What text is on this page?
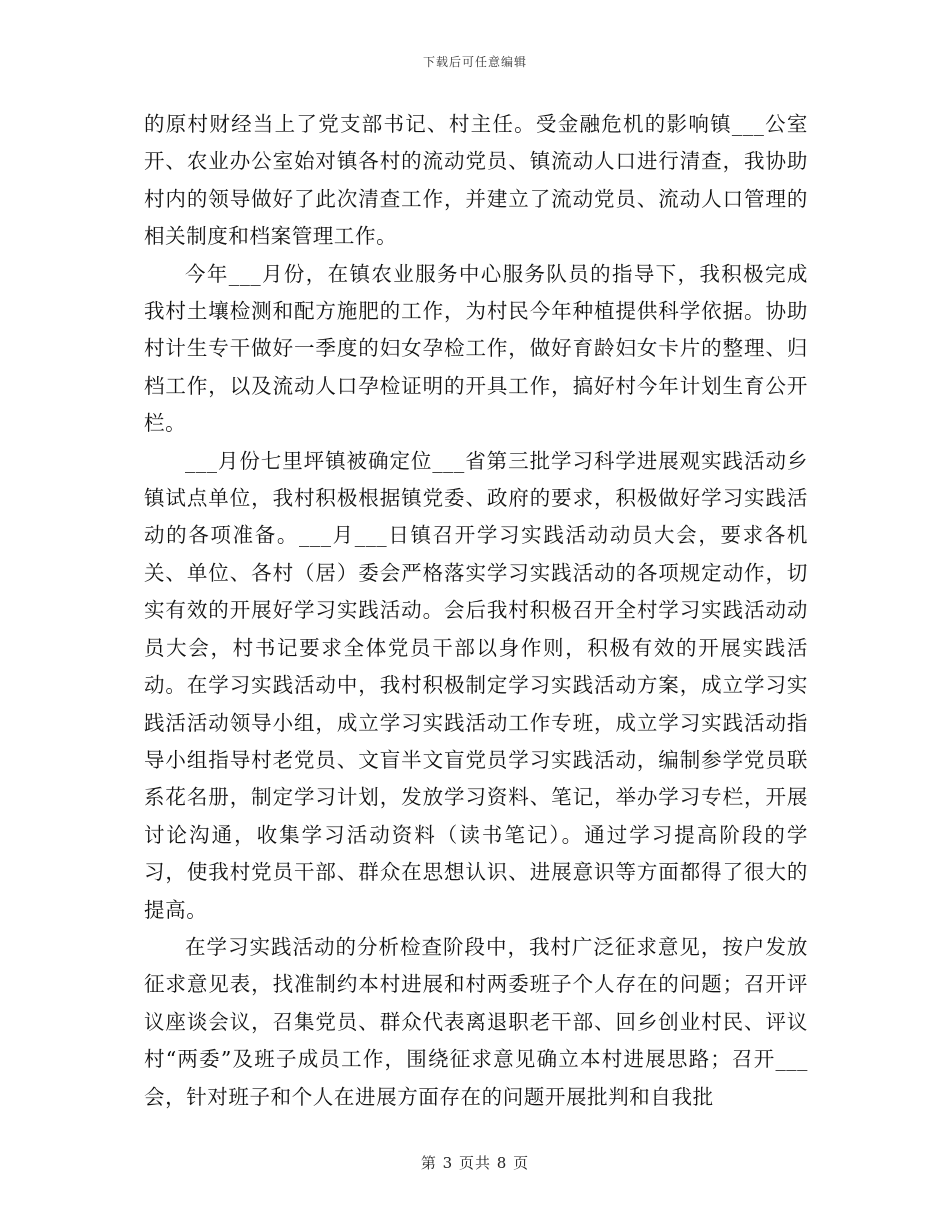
下载后可任意编辑

的原村财经当上了党支部书记、村主任。受金融危机的影响镇___公室开、农业办公室始对镇各村的流动党员、镇流动人口进行清查，我协助村内的领导做好了此次清查工作，并建立了流动党员、流动人口管理的相关制度和档案管理工作。

今年___月份，在镇农业服务中心服务队员的指导下，我积极完成我村土壤检测和配方施肥的工作，为村民今年种植提供科学依据。协助村计生专干做好一季度的妇女孕检工作，做好育龄妇女卡片的整理、归档工作，以及流动人口孕检证明的开具工作，搞好村今年计划生育公开栏。

___月份七里坪镇被确定位___省第三批学习科学进展观实践活动乡镇试点单位，我村积极根据镇党委、政府的要求，积极做好学习实践活动的各项准备。___月___日镇召开学习实践活动动员大会，要求各机关、单位、各村（居）委会严格落实学习实践活动的各项规定动作，切实有效的开展好学习实践活动。会后我村积极召开全村学习实践活动动员大会，村书记要求全体党员干部以身作则，积极有效的开展实践活动。在学习实践活动中，我村积极制定学习实践活动方案，成立学习实践活活动领导小组，成立学习实践活动工作专班，成立学习实践活动指导小组指导村老党员、文盲半文盲党员学习实践活动，编制参学党员联系花名册，制定学习计划，发放学习资料、笔记，举办学习专栏，开展讨论沟通，收集学习活动资料（读书笔记）。通过学习提高阶段的学习，使我村党员干部、群众在思想认识、进展意识等方面都得了很大的提高。

在学习实践活动的分析检查阶段中，我村广泛征求意见，按户发放征求意见表，找准制约本村进展和村两委班子个人存在的问题；召开评议座谈会议，召集党员、群众代表离退职老干部、回乡创业村民、评议村“两委”及班子成员工作，围绕征求意见确立本村进展思路；召开___会，针对班子和个人在进展方面存在的问题开展批判和自我批

第 3 页共 8 页
